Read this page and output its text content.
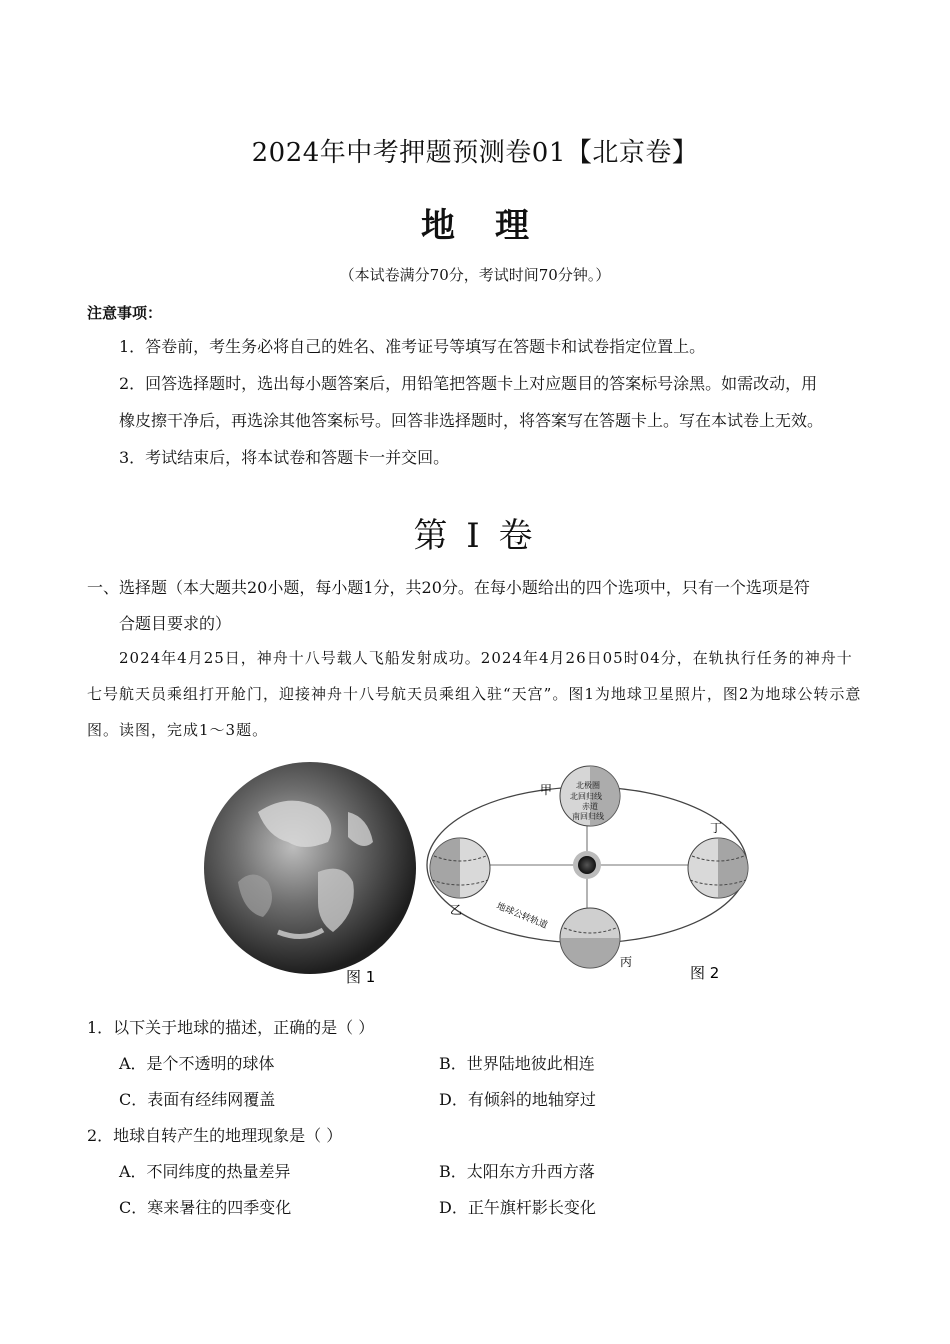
2024年中考押题预测卷01【北京卷】
地理
（本试卷满分70分，考试时间70分钟。）
注意事项：

1．答卷前，考生务必将自己的姓名、准考证号等填写在答题卡和试卷指定位置上。

2．回答选择题时，选出每小题答案后，用铅笔把答题卡上对应题目的答案标号涂黑。如需改动，用

橡皮擦干净后，再选涂其他答案标号。回答非选择题时，将答案写在答题卡上。写在本试卷上无效。

3．考试结束后，将本试卷和答题卡一并交回。

第 I 卷

一、选择题（本大题共20小题，每小题1分，共20分。在每小题给出的四个选项中，只有一个选项是符

合题目要求的）

2024年4月25日，神舟十八号载人飞船发射成功。2024年4月26日05时04分，在轨执行任务的神舟十七号航天员乘组打开舱门，迎接神舟十八号航天员乘组入驻“天宫”。图1为地球卫星照片，图2为地球公转示意图。读图，完成1～3题。

图 1
北极圈
北回归线
赤道
南回归线
甲
乙
丙
丁
地球公转轨道
图 2
1．以下关于地球的描述，正确的是（ ）
A．是个不透明的球体	B．世界陆地彼此相连
C．表面有经纬网覆盖	D．有倾斜的地轴穿过
2．地球自转产生的地理现象是（ ）
A．不同纬度的热量差异	B．太阳东方升西方落
C．寒来暑往的四季变化	D．正午旗杆影长变化
